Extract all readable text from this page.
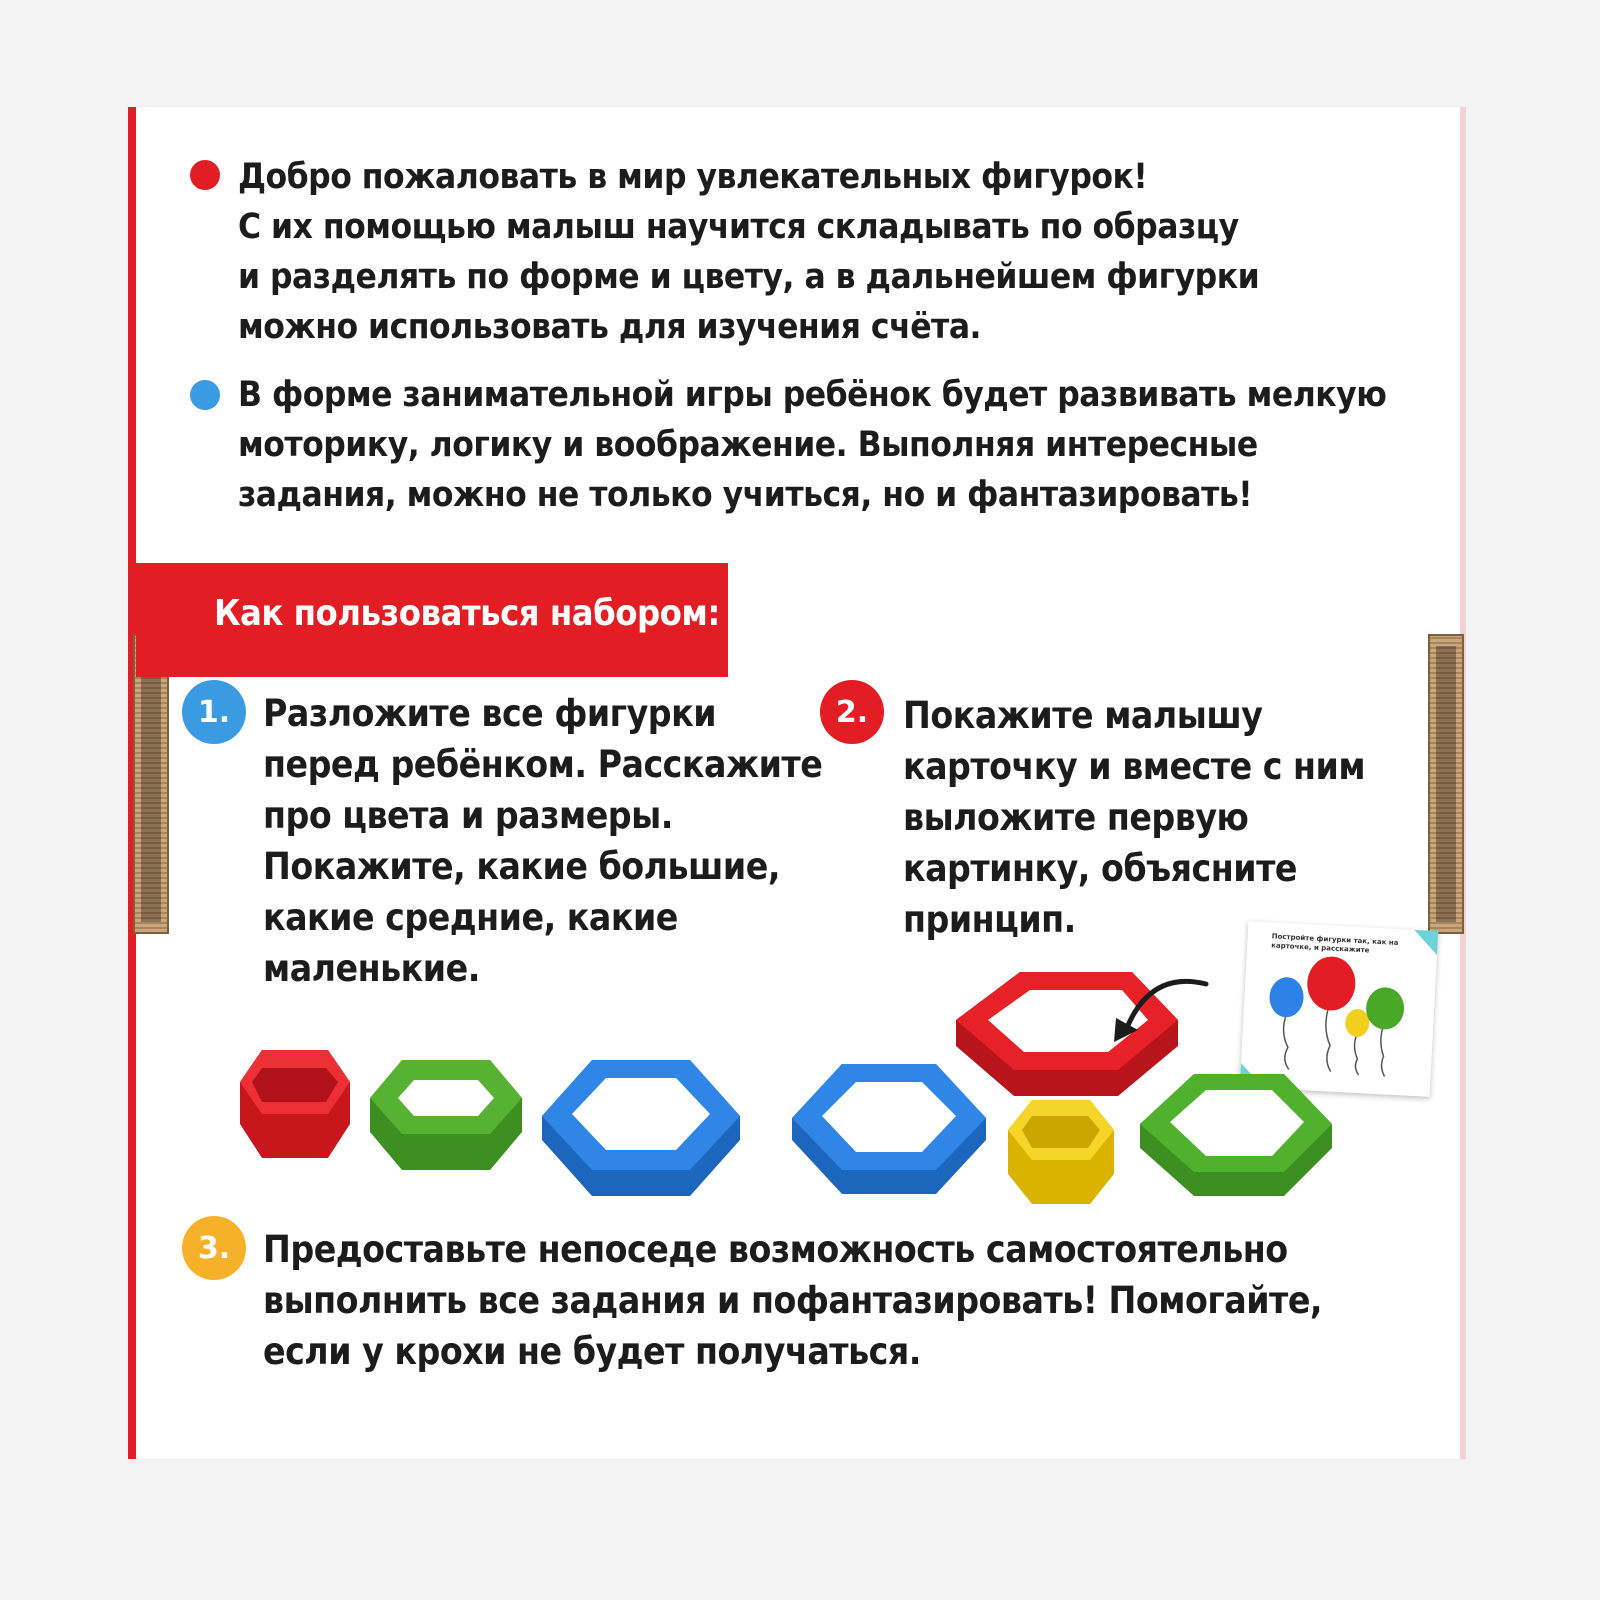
Добро пожаловать в мир увлекательных фигурок!
С их помощью малыш научится складывать по образцу
и разделять по форме и цвету, а в дальнейшем фигурки
можно использовать для изучения счёта.
В форме занимательной игры ребёнок будет развивать мелкую
моторику, логику и воображение. Выполняя интересные
задания, можно не только учиться, но и фантазировать!
Как пользоваться набором:
1. Разложите все фигурки
перед ребёнком. Расскажите
про цвета и размеры.
Покажите, какие большие,
какие средние, какие
маленькие.
2. Покажите малышу
карточку и вместе с ним
выложите первую
картинку, объясните
принцип.	Постройте фигурки так, как на карточке, и расскажите
3. Предоставьте непоседе возможность самостоятельно
выполнить все задания и пофантазировать! Помогайте,
если у крохи не будет получаться.
